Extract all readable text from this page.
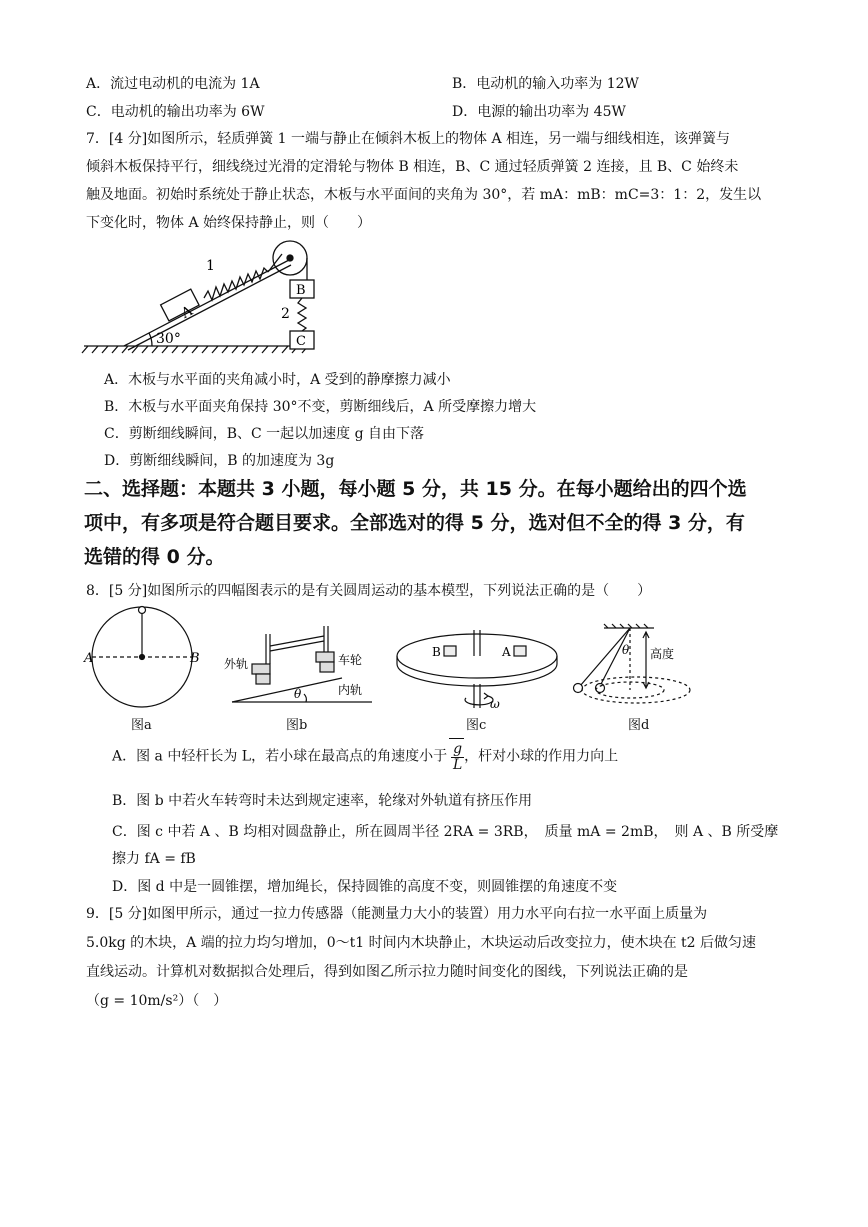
A．流过电动机的电流为 1A	B．电动机的输入功率为 12W
C．电动机的输出功率为 6W	D．电源的输出功率为 45W
7．[4 分]如图所示，轻质弹簧 1 一端与静止在倾斜木板上的物体 A 相连，另一端与细线相连，该弹簧与
倾斜木板保持平行，细线绕过光滑的定滑轮与物体 B 相连，B、C 通过轻质弹簧 2 连接，且 B、C 始终未
触及地面。初始时系统处于静止状态，木板与水平面间的夹角为 30°，若 mA：mB：mC=3：1：2，发生以
下变化时，物体 A 始终保持静止，则（　　）
A
1
B
2
C
30°
A．木板与水平面的夹角减小时，A 受到的静摩擦力减小
B．木板与水平面夹角保持 30°不变，剪断细线后，A 所受摩擦力增大
C．剪断细线瞬间，B、C 一起以加速度 g 自由下落
D．剪断细线瞬间，B 的加速度为 3g
二、选择题：本题共 3 小题，每小题 5 分，共 15 分。在每小题给出的四个选
项中，有多项是符合题目要求。全部选对的得 5 分，选对但不全的得 3 分，有
选错的得 0 分。
8．[5 分]如图所示的四幅图表示的是有关圆周运动的基本模型，下列说法正确的是（　　）
A	B
图a
外轨	车轮
内轨
θ
图b
B	A
ω
图c
θ 高度
图d
A．图 a 中轻杆长为 L，若小球在最高点的角速度小于 $\frac{g}{L}$ ，杆对小球的作用力向上
B．图 b 中若火车转弯时未达到规定速率，轮缘对外轨道有挤压作用
C．图 c 中若 A 、B 均相对圆盘静止，所在圆周半径 2RA = 3RB，　质量 mA = 2mB，　则 A 、B 所受摩
擦力 fA = fB
D．图 d 中是一圆锥摆，增加绳长，保持圆锥的高度不变，则圆锥摆的角速度不变
9．[5 分]如图甲所示，通过一拉力传感器（能测量力大小的装置）用力水平向右拉一水平面上质量为
5.0kg 的木块，A 端的拉力均匀增加，0～t1 时间内木块静止，木块运动后改变拉力，使木块在 t2 后做匀速
直线运动。计算机对数据拟合处理后，得到如图乙所示拉力随时间变化的图线，下列说法正确的是
（g = 10m/s²）（　）
